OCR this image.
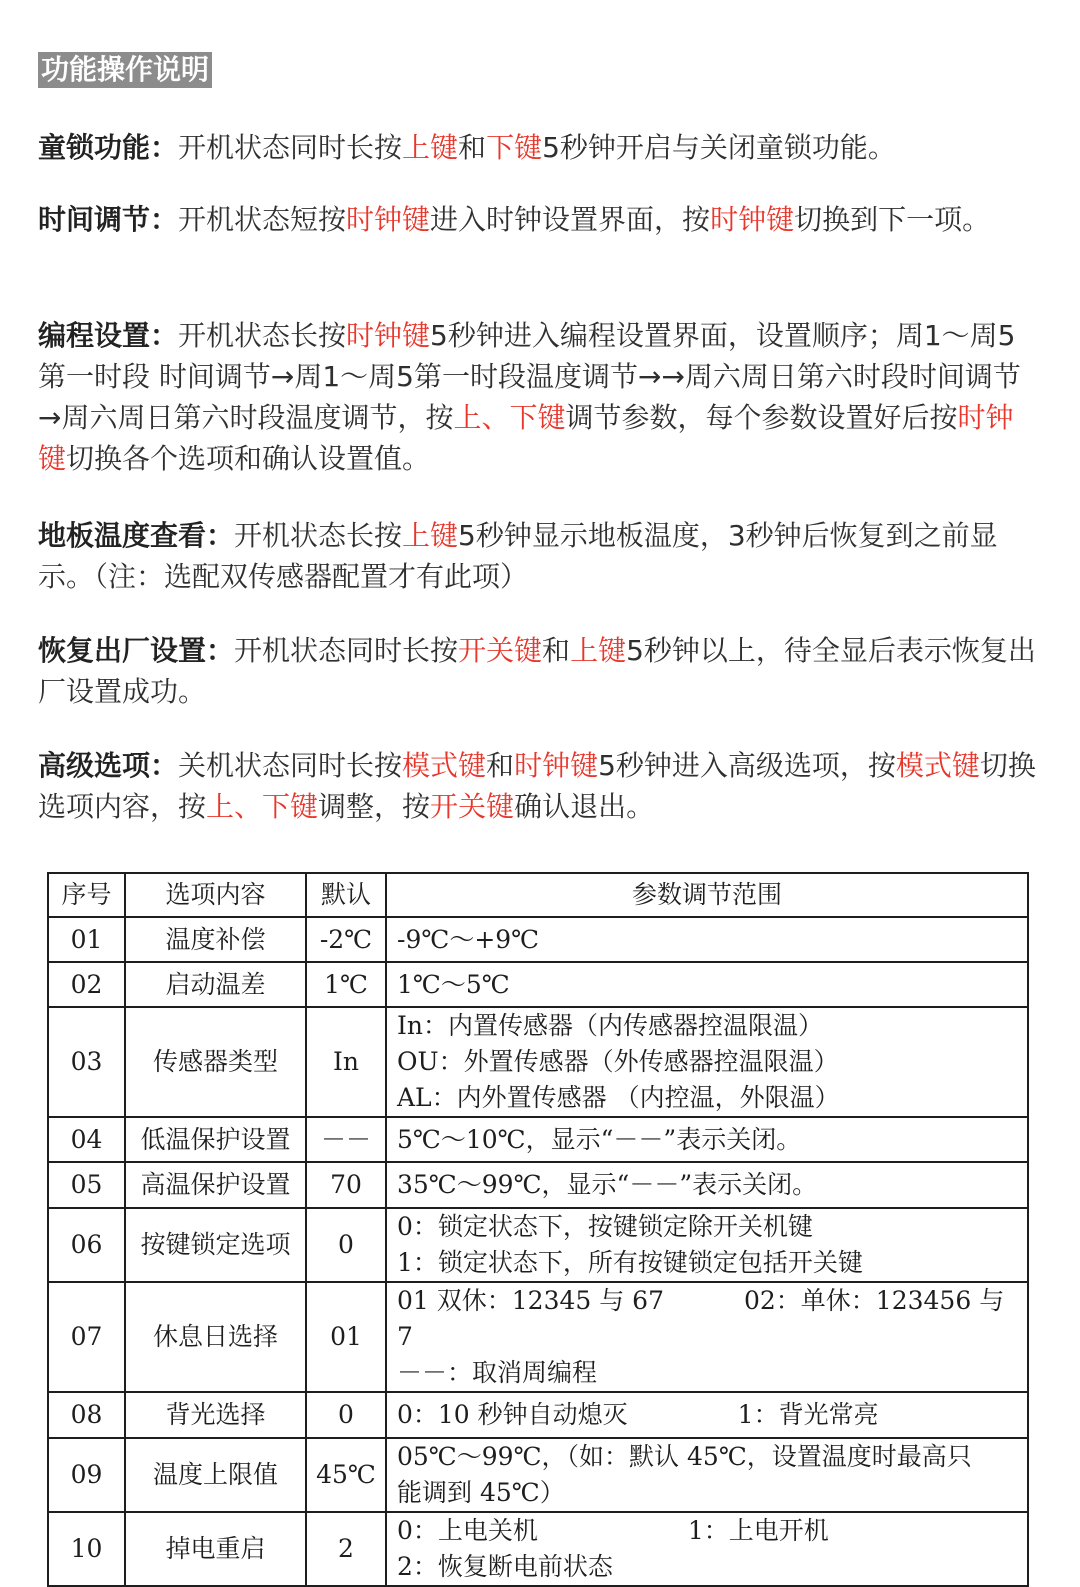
功能操作说明
童锁功能：开机状态同时长按上键和下键5秒钟开启与关闭童锁功能。
时间调节：开机状态短按时钟键进入时钟设置界面，按时钟键切换到下一项。
编程设置：开机状态长按时钟键5秒钟进入编程设置界面，设置顺序；周1～周5第一时段 时间调节→周1～周5第一时段温度调节→→周六周日第六时段时间调节→周六周日第六时段温度调节，按上、下键调节参数，每个参数设置好后按时钟键切换各个选项和确认设置值。
地板温度查看：开机状态长按上键5秒钟显示地板温度，3秒钟后恢复到之前显示。（注：选配双传感器配置才有此项）
恢复出厂设置：开机状态同时长按开关键和上键5秒钟以上，待全显后表示恢复出厂设置成功。
高级选项：关机状态同时长按模式键和时钟键5秒钟进入高级选项，按模式键切换选项内容，按上、下键调整，按开关键确认退出。
序号	选项内容	默认	参数调节范围
01	温度补偿	-2℃	-9℃～+9℃

02	启动温差	1℃	1℃～5℃

03	传感器类型	In	In：内置传感器（内传感器控温限温）
OU：外置传感器（外传感器控温限温）
AL：内外置传感器 （内控温，外限温）

04	低温保护设置	－－	5℃～10℃，显示“－－”表示关闭。

05	高温保护设置	70	35℃～99℃，显示“－－”表示关闭。

06	按键锁定选项	0	0：锁定状态下，按键锁定除开关机键
1：锁定状态下，所有按键锁定包括开关键

07	休息日选择	01	01 双休：12345 与 67 02：单休：123456 与 7
－－：取消周编程

08	背光选择	0	0：10 秒钟自动熄灭 1：背光常亮

09	温度上限值	45℃	05℃～99℃，（如：默认 45℃，设置温度时最高只
能调到 45℃）

10	掉电重启	2	0：上电关机 1：上电开机
2：恢复断电前状态
